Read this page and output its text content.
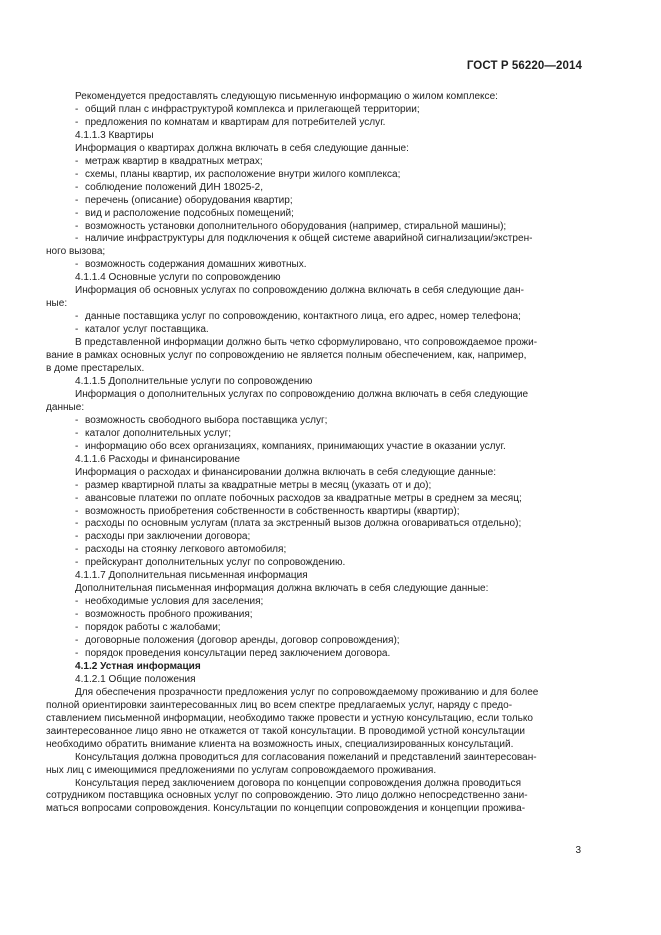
ГОСТ Р 56220—2014
Рекомендуется предоставлять следующую письменную информацию о жилом комплексе:
- общий план с инфраструктурой комплекса и прилегающей территории;
- предложения по комнатам и квартирам для потребителей услуг.
4.1.1.3 Квартиры
Информация о квартирах должна включать в себя следующие данные:
- метраж квартир в квадратных метрах;
- схемы, планы квартир, их расположение внутри жилого комплекса;
- соблюдение положений ДИН 18025-2,
- перечень (описание) оборудования квартир;
- вид и расположение подсобных помещений;
- возможность установки дополнительного оборудования (например, стиральной машины);
- наличие инфраструктуры для подключения к общей системе аварийной сигнализации/экстрен-
ного вызова;
- возможность содержания домашних животных.
4.1.1.4 Основные услуги по сопровождению
Информация об основных услугах по сопровождению должна включать в себя следующие дан-
ные:
- данные поставщика услуг по сопровождению, контактного лица, его адрес, номер телефона;
- каталог услуг поставщика.
В представленной информации должно быть четко сформулировано, что сопровождаемое прожи-
вание в рамках основных услуг по сопровождению не является полным обеспечением, как, например,
в доме престарелых.
4.1.1.5 Дополнительные услуги по сопровождению
Информация о дополнительных услугах по сопровождению должна включать в себя следующие
данные:
- возможность свободного выбора поставщика услуг;
- каталог дополнительных услуг;
- информацию обо всех организациях, компаниях, принимающих участие в оказании услуг.
4.1.1.6 Расходы и финансирование
Информация о расходах и финансировании должна включать в себя следующие данные:
- размер квартирной платы за квадратные метры в месяц (указать от и до);
- авансовые платежи по оплате побочных расходов за квадратные метры в среднем за месяц;
- возможность приобретения собственности в собственность квартиры (квартир);
- расходы по основным услугам (плата за экстренный вызов должна оговариваться отдельно);
- расходы при заключении договора;
- расходы на стоянку легкового автомобиля;
- прейскурант дополнительных услуг по сопровождению.
4.1.1.7 Дополнительная письменная информация
Дополнительная письменная информация должна включать в себя следующие данные:
- необходимые условия для заселения;
- возможность пробного проживания;
- порядок работы с жалобами;
- договорные положения (договор аренды, договор сопровождения);
- порядок проведения консультации перед заключением договора.
4.1.2 Устная информация
4.1.2.1 Общие положения
Для обеспечения прозрачности предложения услуг по сопровождаемому проживанию и для более
полной ориентировки заинтересованных лиц во всем спектре предлагаемых услуг, наряду с предо-
ставлением письменной информации, необходимо также провести и устную консультацию, если только
заинтересованное лицо явно не откажется от такой консультации. В проводимой устной консультации
необходимо обратить внимание клиента на возможность иных, специализированных консультаций.
Консультация должна проводиться для согласования пожеланий и представлений заинтересован-
ных лиц с имеющимися предложениями по услугам сопровождаемого проживания.
Консультация перед заключением договора по концепции сопровождения должна проводиться
сотрудником поставщика основных услуг по сопровождению. Это лицо должно непосредственно зани-
маться вопросами сопровождения. Консультации по концепции сопровождения и концепции прожива-
3
